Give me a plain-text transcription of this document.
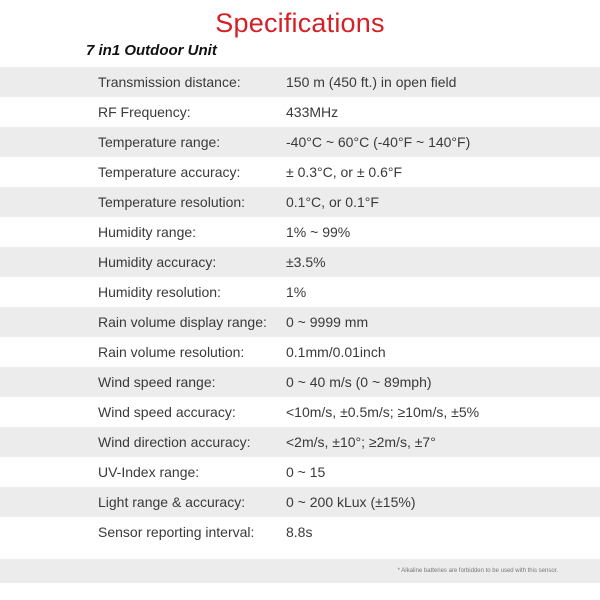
Specifications
7 in1 Outdoor Unit
Transmission distance:	150 m (450 ft.) in open field
RF Frequency:	433MHz
Temperature range:	-40°C ~ 60°C (-40°F ~ 140°F)
Temperature accuracy:	± 0.3°C, or ± 0.6°F
Temperature resolution:	0.1°C, or 0.1°F
Humidity range:	1% ~ 99%
Humidity accuracy:	±3.5%
Humidity resolution:	1%
Rain volume display range:	0 ~ 9999 mm
Rain volume resolution:	0.1mm/0.01inch
Wind speed range:	0 ~ 40 m/s (0 ~ 89mph)
Wind speed accuracy:	<10m/s, ±0.5m/s; ≥10m/s, ±5%
Wind direction accuracy:	<2m/s, ±10°; ≥2m/s, ±7°
UV-Index range:	0 ~ 15
Light range & accuracy:	0 ~ 200 kLux (±15%)
Sensor reporting interval:	8.8s
* Alkaline batteries are forbidden to be used with this sensor.
